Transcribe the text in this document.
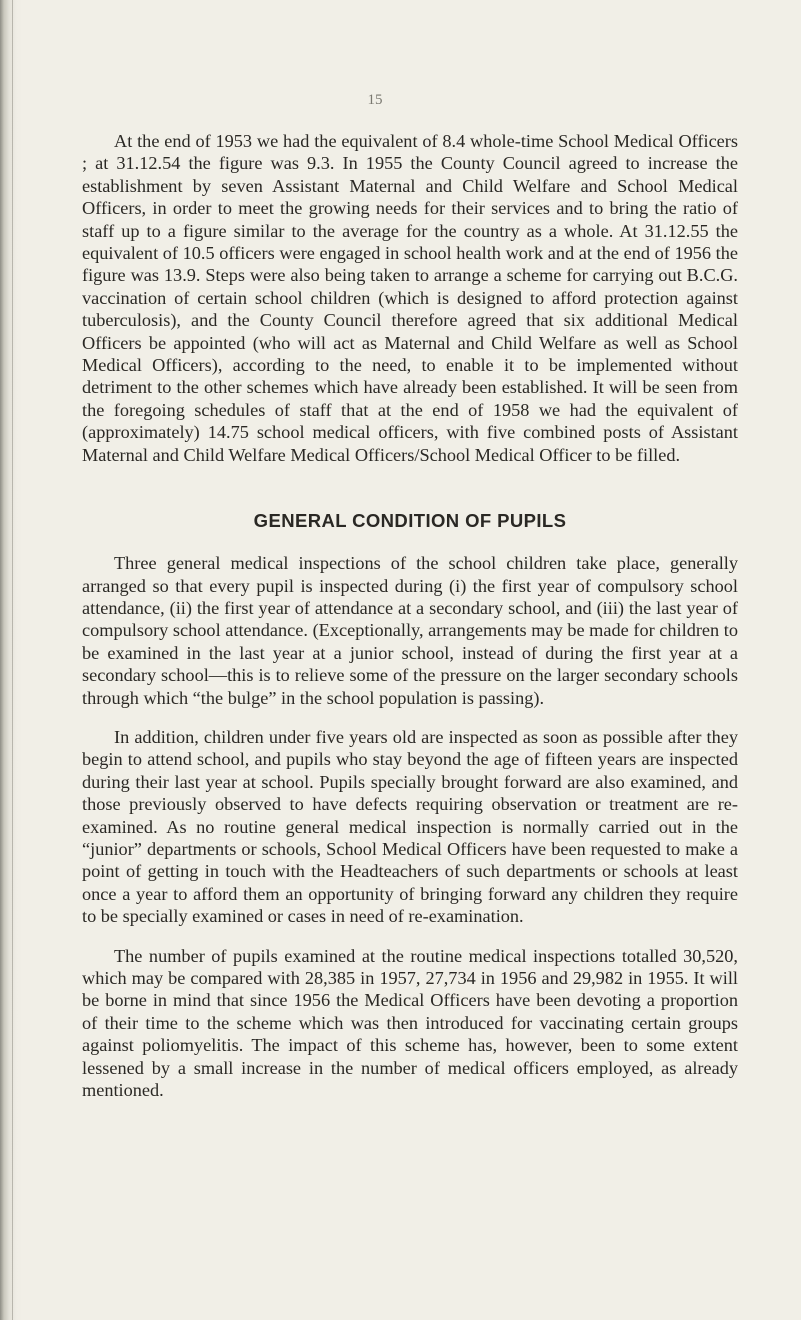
15

At the end of 1953 we had the equivalent of 8.4 whole-time School Medical Officers ; at 31.12.54 the figure was 9.3. In 1955 the County Council agreed to increase the establishment by seven Assistant Maternal and Child Welfare and School Medical Officers, in order to meet the growing needs for their services and to bring the ratio of staff up to a figure similar to the average for the country as a whole. At 31.12.55 the equivalent of 10.5 officers were engaged in school health work and at the end of 1956 the figure was 13.9. Steps were also being taken to arrange a scheme for carrying out B.C.G. vaccination of certain school children (which is designed to afford protection against tuberculosis), and the County Council therefore agreed that six additional Medical Officers be appointed (who will act as Maternal and Child Welfare as well as School Medical Officers), according to the need, to enable it to be implemented without detriment to the other schemes which have already been established. It will be seen from the foregoing schedules of staff that at the end of 1958 we had the equivalent of (approximately) 14.75 school medical officers, with five combined posts of Assistant Maternal and Child Welfare Medical Officers/School Medical Officer to be filled.

GENERAL CONDITION OF PUPILS

Three general medical inspections of the school children take place, generally arranged so that every pupil is inspected during (i) the first year of compulsory school attendance, (ii) the first year of attendance at a secondary school, and (iii) the last year of compulsory school attendance. (Exceptionally, arrangements may be made for children to be examined in the last year at a junior school, instead of during the first year at a secondary school—this is to relieve some of the pressure on the larger secondary schools through which “the bulge” in the school population is passing).

In addition, children under five years old are inspected as soon as possible after they begin to attend school, and pupils who stay beyond the age of fifteen years are inspected during their last year at school. Pupils specially brought forward are also examined, and those previously observed to have defects requiring observation or treatment are re-examined. As no routine general medical inspection is normally carried out in the “junior” departments or schools, School Medical Officers have been requested to make a point of getting in touch with the Headteachers of such departments or schools at least once a year to afford them an opportunity of bringing forward any children they require to be specially examined or cases in need of re-examination.

The number of pupils examined at the routine medical inspections totalled 30,520, which may be compared with 28,385 in 1957, 27,734 in 1956 and 29,982 in 1955. It will be borne in mind that since 1956 the Medical Officers have been devoting a proportion of their time to the scheme which was then introduced for vaccinating certain groups against poliomyelitis. The impact of this scheme has, however, been to some extent lessened by a small increase in the number of medical officers employed, as already mentioned.
